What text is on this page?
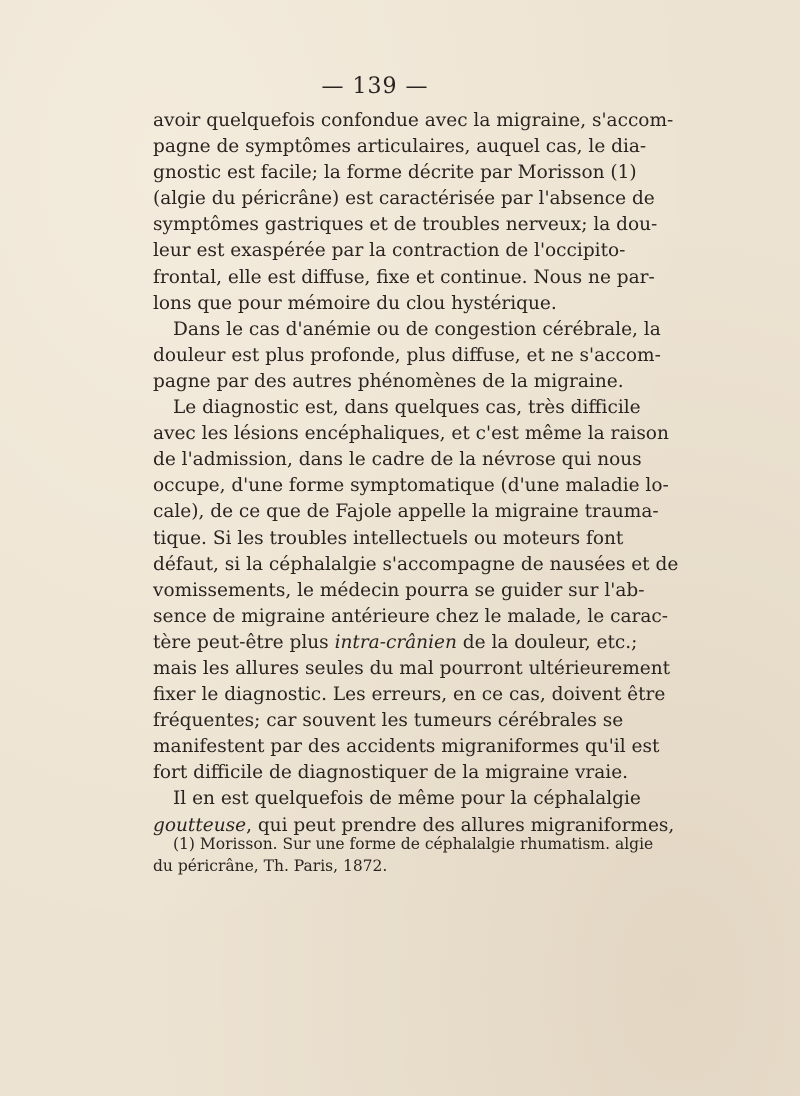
— 139 —
avoir quelquefois confondue avec la migraine, s'accom-
pagne de symptômes articulaires, auquel cas, le dia-
gnostic est facile; la forme décrite par Morisson (1)
(algie du péricrâne) est caractérisée par l'absence de
symptômes gastriques et de troubles nerveux; la dou-
leur est exaspérée par la contraction de l'occipito-
frontal, elle est diffuse, fixe et continue. Nous ne par-
lons que pour mémoire du clou hystérique.
Dans le cas d'anémie ou de congestion cérébrale, la
douleur est plus profonde, plus diffuse, et ne s'accom-
pagne par des autres phénomènes de la migraine.
Le diagnostic est, dans quelques cas, très difficile
avec les lésions encéphaliques, et c'est même la raison
de l'admission, dans le cadre de la névrose qui nous
occupe, d'une forme symptomatique (d'une maladie lo-
cale), de ce que de Fajole appelle la migraine trauma-
tique. Si les troubles intellectuels ou moteurs font
défaut, si la céphalalgie s'accompagne de nausées et de
vomissements, le médecin pourra se guider sur l'ab-
sence de migraine antérieure chez le malade, le carac-
tère peut-être plus intra-crânien de la douleur, etc.;
mais les allures seules du mal pourront ultérieurement
fixer le diagnostic. Les erreurs, en ce cas, doivent être
fréquentes; car souvent les tumeurs cérébrales se
manifestent par des accidents migraniformes qu'il est
fort difficile de diagnostiquer de la migraine vraie.
Il en est quelquefois de même pour la céphalalgie
goutteuse, qui peut prendre des allures migraniformes,
(1) Morisson. Sur une forme de céphalalgie rhumatism. algie
du péricrâne, Th. Paris, 1872.
